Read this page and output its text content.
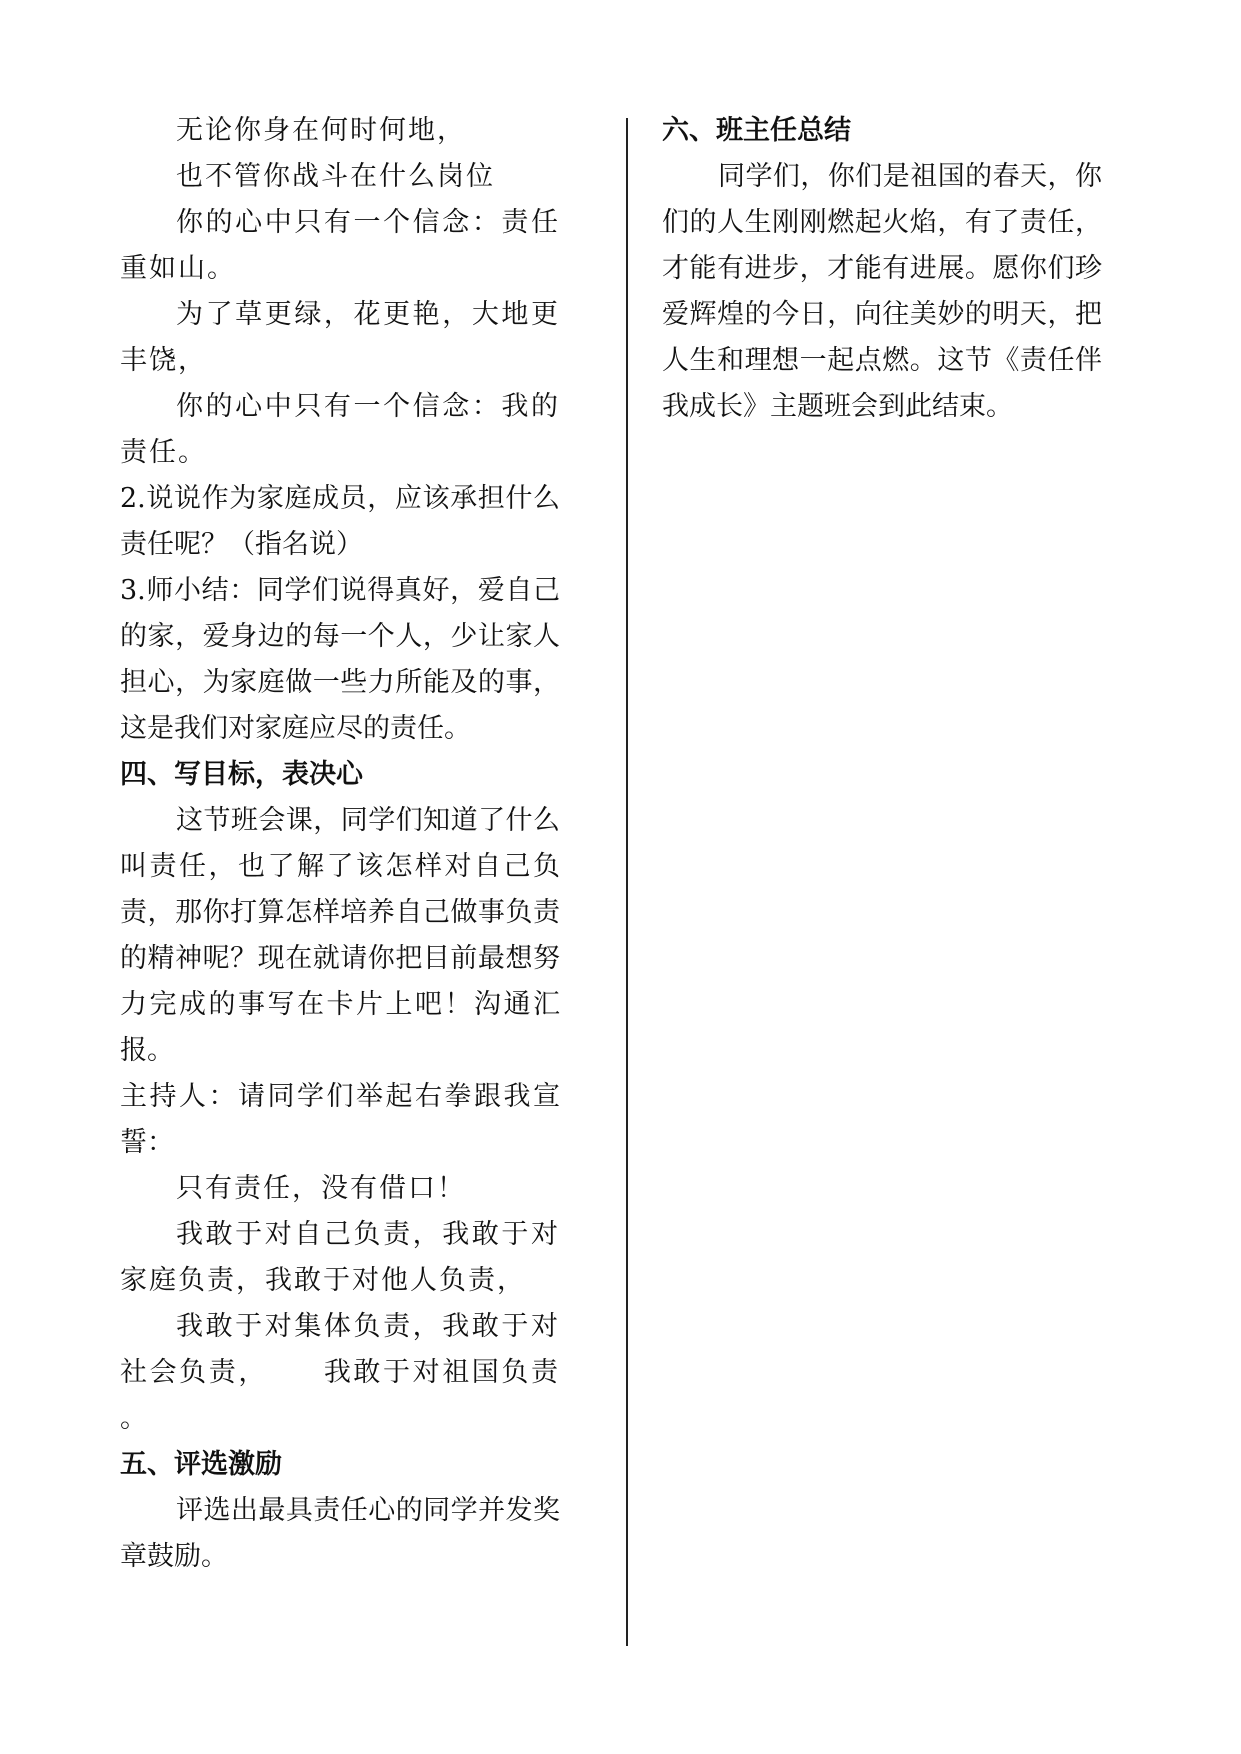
无论你身在何时何地，

也不管你战斗在什么岗位

你的心中只有一个信念：责任重如山。

为了草更绿，花更艳，大地更丰饶，

你的心中只有一个信念：我的责任。

2.说说作为家庭成员，应该承担什么责任呢？（指名说）

3.师小结：同学们说得真好，爱自己的家，爱身边的每一个人，少让家人担心，为家庭做一些力所能及的事，这是我们对家庭应尽的责任。

四、写目标，表决心

这节班会课，同学们知道了什么叫责任，也了解了该怎样对自己负责，那你打算怎样培养自己做事负责的精神呢？现在就请你把目前最想努力完成的事写在卡片上吧！沟通汇报。

主持人：请同学们举起右拳跟我宣誓：

只有责任，没有借口！

我敢于对自己负责，我敢于对家庭负责，我敢于对他人负责，

我敢于对集体负责，我敢于对社会负责，     我敢于对祖国负责  。

五、评选激励

评选出最具责任心的同学并发奖章鼓励。

六、班主任总结

同学们，你们是祖国的春天，你们的人生刚刚燃起火焰，有了责任，才能有进步，才能有进展。愿你们珍爱辉煌的今日，向往美妙的明天，把人生和理想一起点燃。这节《责任伴我成长》主题班会到此结束。
